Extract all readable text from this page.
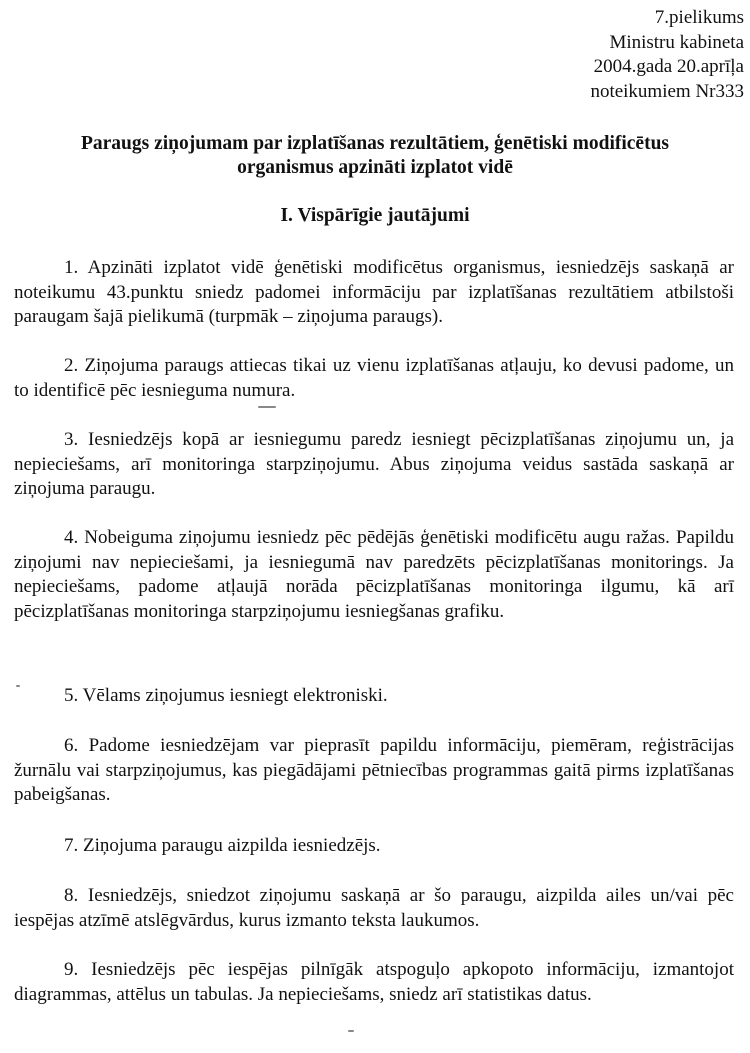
7.pielikums
Ministru kabineta
2004.gada 20.aprīļa
noteikumiem Nr333
Paraugs ziņojumam par izplatīšanas rezultātiem, ģenētiski modificētus
organismus apzināti izplatot vidē
I. Vispārīgie jautājumi

1. Apzināti izplatot vidē ģenētiski modificētus organismus, iesniedzējs saskaņā ar noteikumu 43.punktu sniedz padomei informāciju par izplatīšanas rezultātiem atbilstoši paraugam šajā pielikumā (turpmāk – ziņojuma paraugs).

2. Ziņojuma paraugs attiecas tikai uz vienu izplatīšanas atļauju, ko devusi padome, un to identificē pēc iesnieguma numura.

3. Iesniedzējs kopā ar iesniegumu paredz iesniegt pēcizplatīšanas ziņojumu un, ja nepieciešams, arī monitoringa starpziņojumu. Abus ziņojuma veidus sastāda saskaņā ar ziņojuma paraugu.

4. Nobeiguma ziņojumu iesniedz pēc pēdējās ģenētiski modificētu augu ražas. Papildu ziņojumi nav nepieciešami, ja iesniegumā nav paredzēts pēcizplatīšanas monitorings. Ja nepieciešams, padome atļaujā norāda pēcizplatīšanas monitoringa ilgumu, kā arī pēcizplatīšanas monitoringa starpziņojumu iesniegšanas grafiku.

5. Vēlams ziņojumus iesniegt elektroniski.

6. Padome iesniedzējam var pieprasīt papildu informāciju, piemēram, reģistrācijas žurnālu vai starpziņojumus, kas piegādājami pētniecības programmas gaitā pirms izplatīšanas pabeigšanas.

7. Ziņojuma paraugu aizpilda iesniedzējs.

8. Iesniedzējs, sniedzot ziņojumu saskaņā ar šo paraugu, aizpilda ailes un/vai pēc iespējas atzīmē atslēgvārdus, kurus izmanto teksta laukumos.

9. Iesniedzējs pēc iespējas pilnīgāk atspoguļo apkopoto informāciju, izmantojot diagrammas, attēlus un tabulas. Ja nepieciešams, sniedz arī statistikas datus.
